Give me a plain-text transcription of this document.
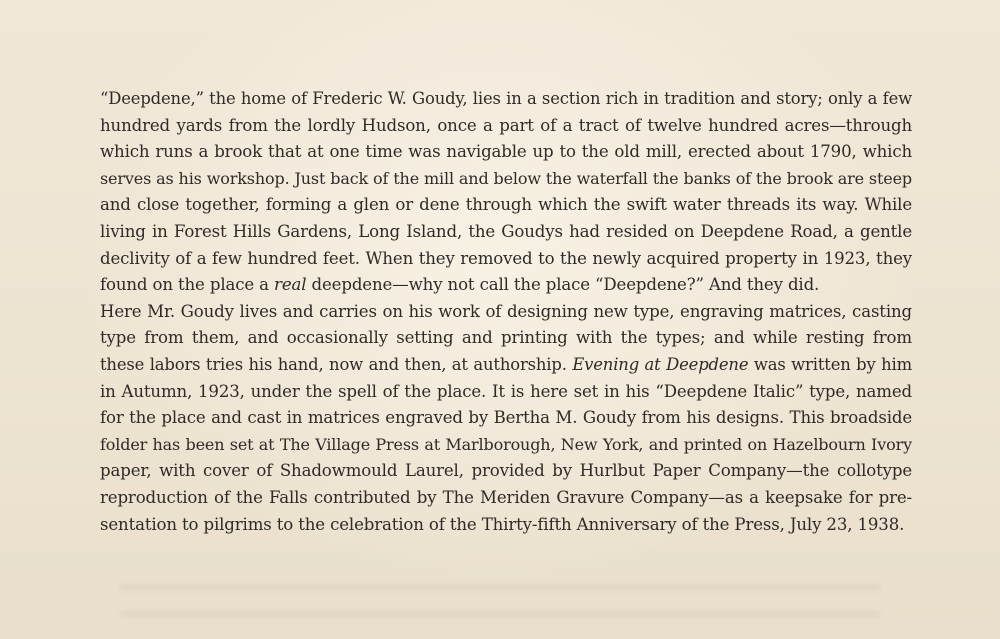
“Deepdene,” the home of Frederic W. Goudy, lies in a section rich in tradition and story; only a few
hundred yards from the lordly Hudson, once a part of a tract of twelve hundred acres—through
which runs a brook that at one time was navigable up to the old mill, erected about 1790, which
serves as his workshop. Just back of the mill and below the waterfall the banks of the brook are steep
and close together, forming a glen or dene through which the swift water threads its way. While
living in Forest Hills Gardens, Long Island, the Goudys had resided on Deepdene Road, a gentle
declivity of a few hundred feet. When they removed to the newly acquired property in 1923, they
found on the place a real deepdene—why not call the place “Deepdene?” And they did.
Here Mr. Goudy lives and carries on his work of designing new type, engraving matrices, casting
type from them, and occasionally setting and printing with the types; and while resting from
these labors tries his hand, now and then, at authorship. Evening at Deepdene was written by him
in Autumn, 1923, under the spell of the place. It is here set in his “Deepdene Italic” type, named
for the place and cast in matrices engraved by Bertha M. Goudy from his designs. This broadside
folder has been set at The Village Press at Marlborough, New York, and printed on Hazelbourn Ivory
paper, with cover of Shadowmould Laurel, provided by Hurlbut Paper Company—the collotype
reproduction of the Falls contributed by The Meriden Gravure Company—as a keepsake for pre-
sentation to pilgrims to the celebration of the Thirty-fifth Anniversary of the Press, July 23, 1938.
